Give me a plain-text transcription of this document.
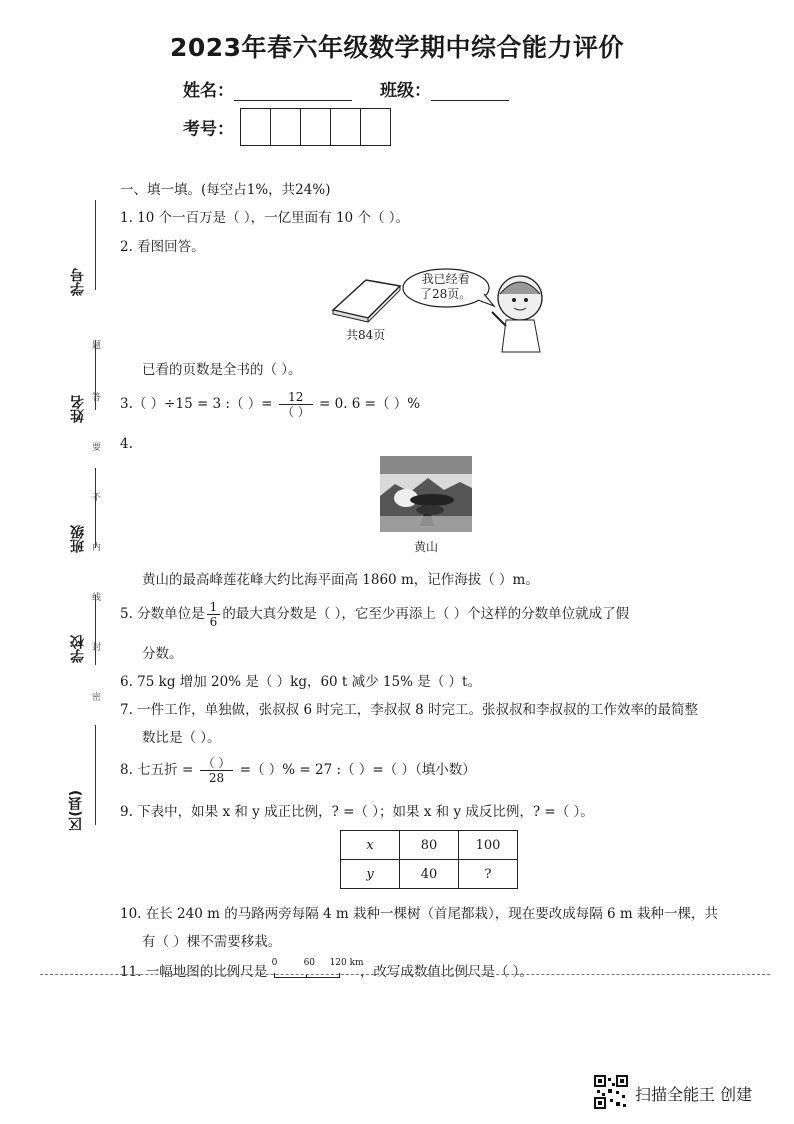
2023年春六年级数学期中综合能力评价
姓名：	班级：
考号：
学号
姓名
班级
学校
区(县)
题
答
要
不
内
线
封
密
一、填一填。(每空占1%，共24%)
1. 10 个一百万是（ ），一亿里面有 10 个（ ）。
2. 看图回答。
我已经看
了28页。
共84页
已看的页数是全书的（ ）。
3.（ ）÷15 = 3 :（ ）= $\frac{12}{( )} = 0$. 6 =（ ）%
4.
黄山
黄山的最高峰莲花峰大约比海平面高 1860 m，记作海拔（ ）m。
5. 分数单位是 $\frac{1}{6}$ 的最大真分数是（ ），它至少再添上（ ）个这样的分数单位就成了假
分数。
6. 75 kg 增加 20% 是（ ）kg，60 t 减少 15% 是（ ）t。
7. 一件工作，单独做，张叔叔 6 时完工，李叔叔 8 时完工。张叔叔和李叔叔的工作效率的最简整
数比是（ ）。
8. 七五折 = $\frac{( )}{28}$ =（ ）% = 27 :（ ）=（ ）（填小数）
9. 下表中，如果 x 和 y 成正比例，? =（ ）；如果 x 和 y 成反比例，? =（ ）。
x	80	100
y	40	?
10. 在长 240 m 的马路两旁每隔 4 m 栽种一棵树（首尾都栽），现在要改成每隔 6 m 栽种一棵，共
有（ ）棵不需要移栽。
11. 一幅地图的比例尺是
0	60 120 km
，改写成数值比例尺是（ ）。
扫描全能王 创建
